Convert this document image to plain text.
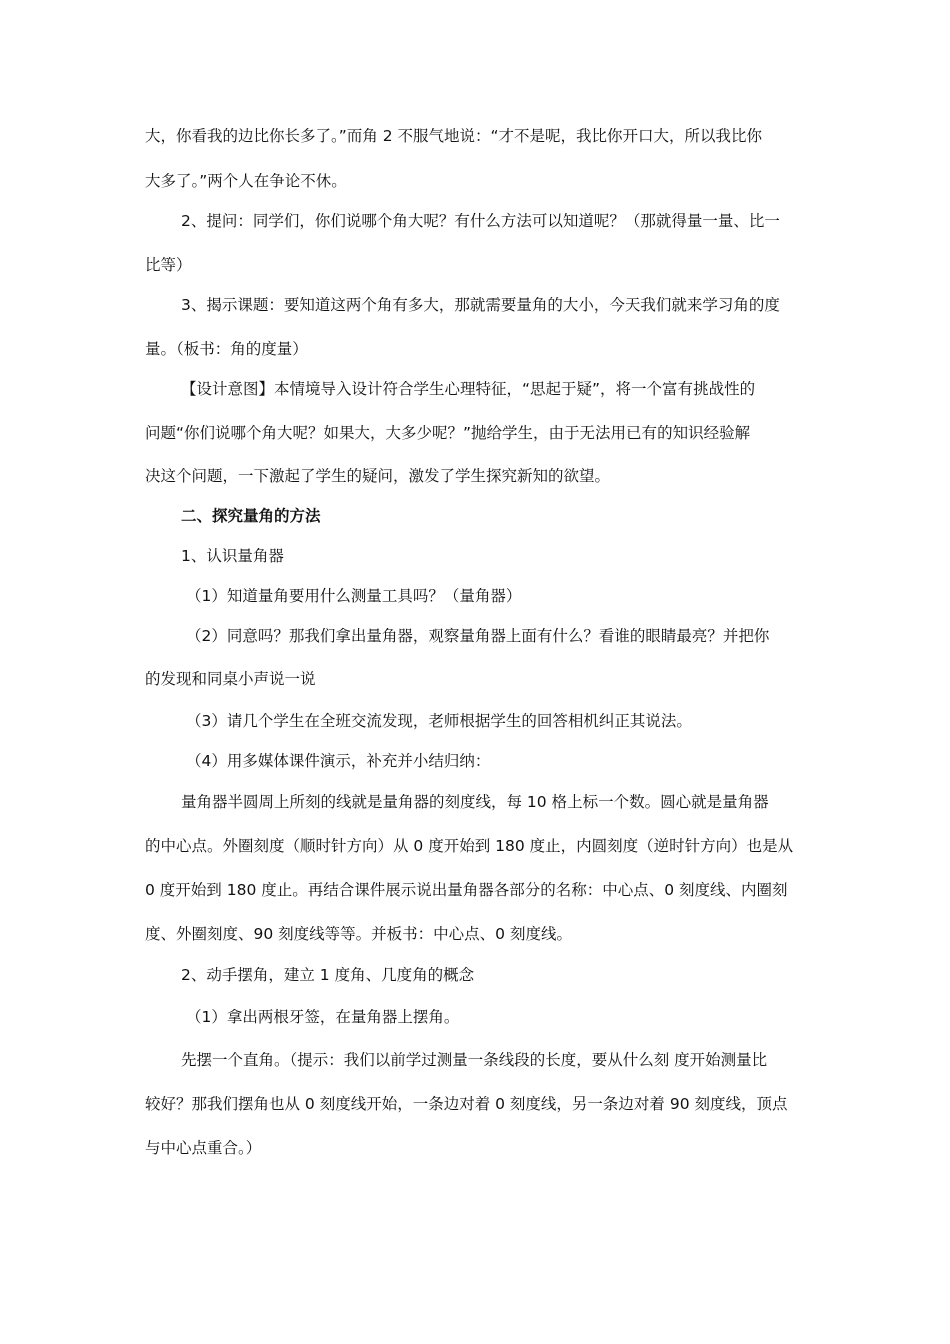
大，你看我的边比你长多了。”而角 2 不服气地说：“才不是呢，我比你开口大，所以我比你
大多了。”两个人在争论不休。
2、提问：同学们，你们说哪个角大呢？有什么方法可以知道呢？（那就得量一量、比一
比等）
3、揭示课题：要知道这两个角有多大，那就需要量角的大小，今天我们就来学习角的度
量。（板书：角的度量）
【设计意图】本情境导入设计符合学生心理特征，“思起于疑”，将一个富有挑战性的
问题“你们说哪个角大呢？如果大，大多少呢？”抛给学生，由于无法用已有的知识经验解
决这个问题，一下激起了学生的疑问，激发了学生探究新知的欲望。
二、探究量角的方法
1、认识量角器
（1）知道量角要用什么测量工具吗？（量角器）
（2）同意吗？那我们拿出量角器，观察量角器上面有什么？看谁的眼睛最亮？并把你
的发现和同桌小声说一说
（3）请几个学生在全班交流发现，老师根据学生的回答相机纠正其说法。
（4）用多媒体课件演示，补充并小结归纳：
量角器半圆周上所刻的线就是量角器的刻度线，每 10 格上标一个数。圆心就是量角器
的中心点。外圈刻度（顺时针方向）从 0 度开始到 180 度止，内圆刻度（逆时针方向）也是从
0 度开始到 180 度止。再结合课件展示说出量角器各部分的名称：中心点、0 刻度线、内圈刻
度、外圈刻度、90 刻度线等等。并板书：中心点、0 刻度线。
2、动手摆角，建立 1 度角、几度角的概念
（1）拿出两根牙签，在量角器上摆角。
先摆一个直角。（提示：我们以前学过测量一条线段的长度，要从什么刻 度开始测量比
较好？那我们摆角也从 0 刻度线开始，一条边对着 0 刻度线，另一条边对着 90 刻度线，顶点
与中心点重合。）
